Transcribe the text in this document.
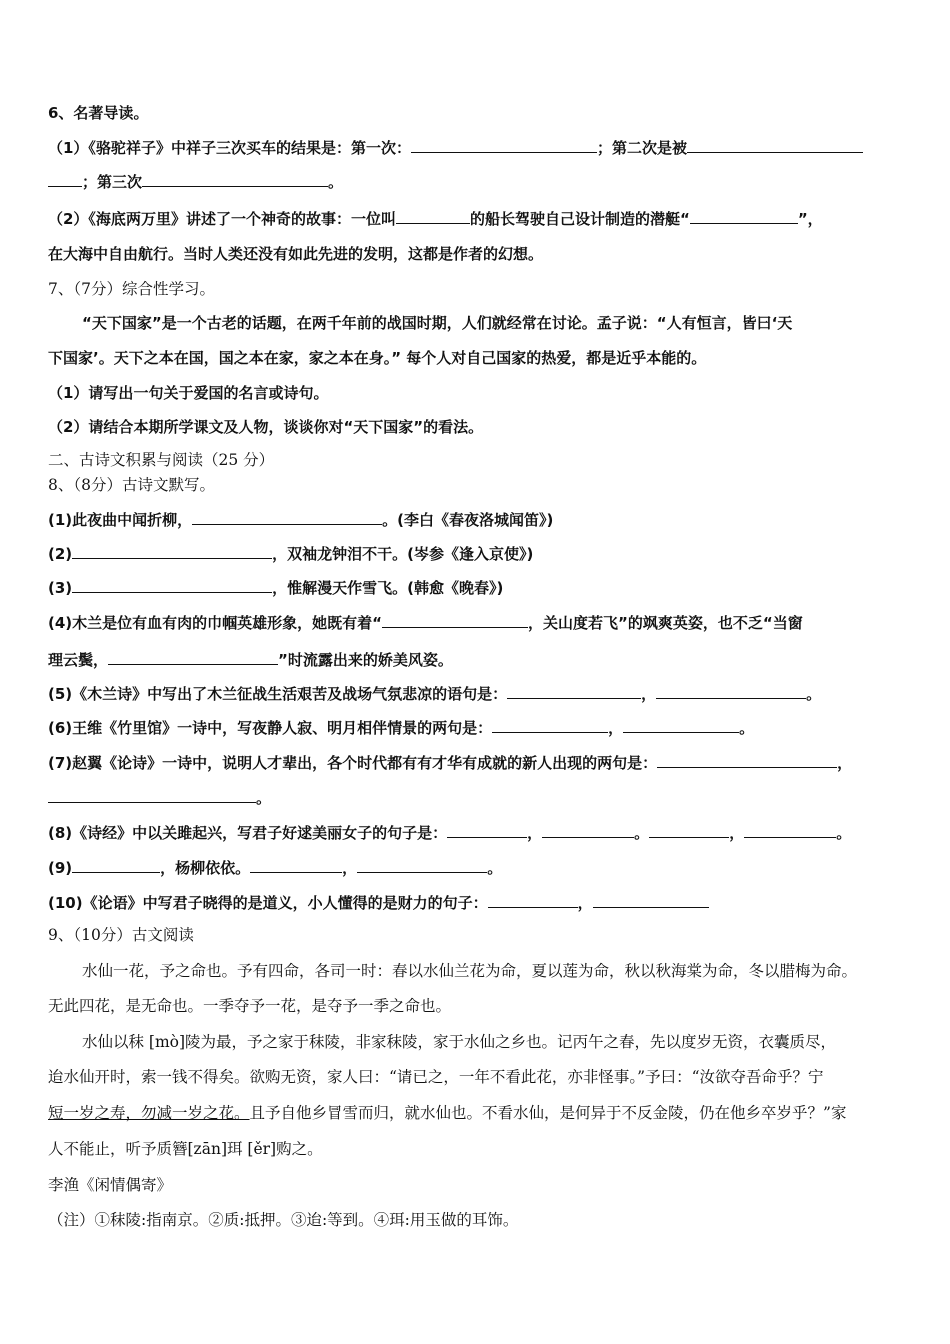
6、名著导读。
（1）《骆驼祥子》中祥子三次买车的结果是：第一次：	；第二次是被
；第三次	。
（2）《海底两万里》讲述了一个神奇的故事：一位叫	的船长驾驶自己设计制造的潜艇“	”，
在大海中自由航行。当时人类还没有如此先进的发明，这都是作者的幻想。
7、（7分）综合性学习。
“天下国家”是一个古老的话题，在两千年前的战国时期，人们就经常在讨论。孟子说：“人有恒言，皆曰‘天
下国家’。天下之本在国，国之本在家，家之本在身。” 每个人对自己国家的热爱，都是近乎本能的。
（1）请写出一句关于爱国的名言或诗句。
（2）请结合本期所学课文及人物，谈谈你对“天下国家”的看法。
二、古诗文积累与阅读（25 分）
8、（8分）古诗文默写。
(1)此夜曲中闻折柳，	。(李白《春夜洛城闻笛》)
(2)	，双袖龙钟泪不干。(岑参《逢入京使》)
(3)	，惟解漫天作雪飞。(韩愈《晚春》)
(4)木兰是位有血有肉的巾帼英雄形象，她既有着“	，关山度若飞”的飒爽英姿，也不乏“当窗
理云鬓，	”时流露出来的娇美风姿。
(5)《木兰诗》中写出了木兰征战生活艰苦及战场气氛悲凉的语句是：	，	。
(6)王维《竹里馆》一诗中，写夜静人寂、明月相伴情景的两句是：	，	。
(7)赵翼《论诗》一诗中，说明人才辈出，各个时代都有有才华有成就的新人出现的两句是：	，
。
(8)《诗经》中以关雎起兴，写君子好逑美丽女子的句子是：	，	。	，	。
(9)	，杨柳依依。	，	。
(10)《论语》中写君子晓得的是道义，小人懂得的是财力的句子：	，
9、（10分）古文阅读
水仙一花，予之命也。予有四命，各司一时：春以水仙兰花为命，夏以莲为命，秋以秋海棠为命，冬以腊梅为命。
无此四花，是无命也。一季夺予一花，是夺予一季之命也。
水仙以秣 [mò]陵为最，予之家于秣陵，非家秣陵，家于水仙之乡也。记丙午之春，先以度岁无资，衣囊质尽，
迨水仙开时，索一钱不得矣。欲购无资，家人曰：“请已之，一年不看此花，亦非怪事。”予曰：“汝欲夺吾命乎？宁
短一岁之寿，勿减一岁之花。且予自他乡冒雪而归，就水仙也。不看水仙，是何异于不反金陵，仍在他乡卒岁乎？”家
人不能止，听予质簪[zān]珥 [ěr]购之。
李渔《闲情偶寄》
（注）①秣陵:指南京。②质:抵押。③迨:等到。④珥:用玉做的耳饰。
